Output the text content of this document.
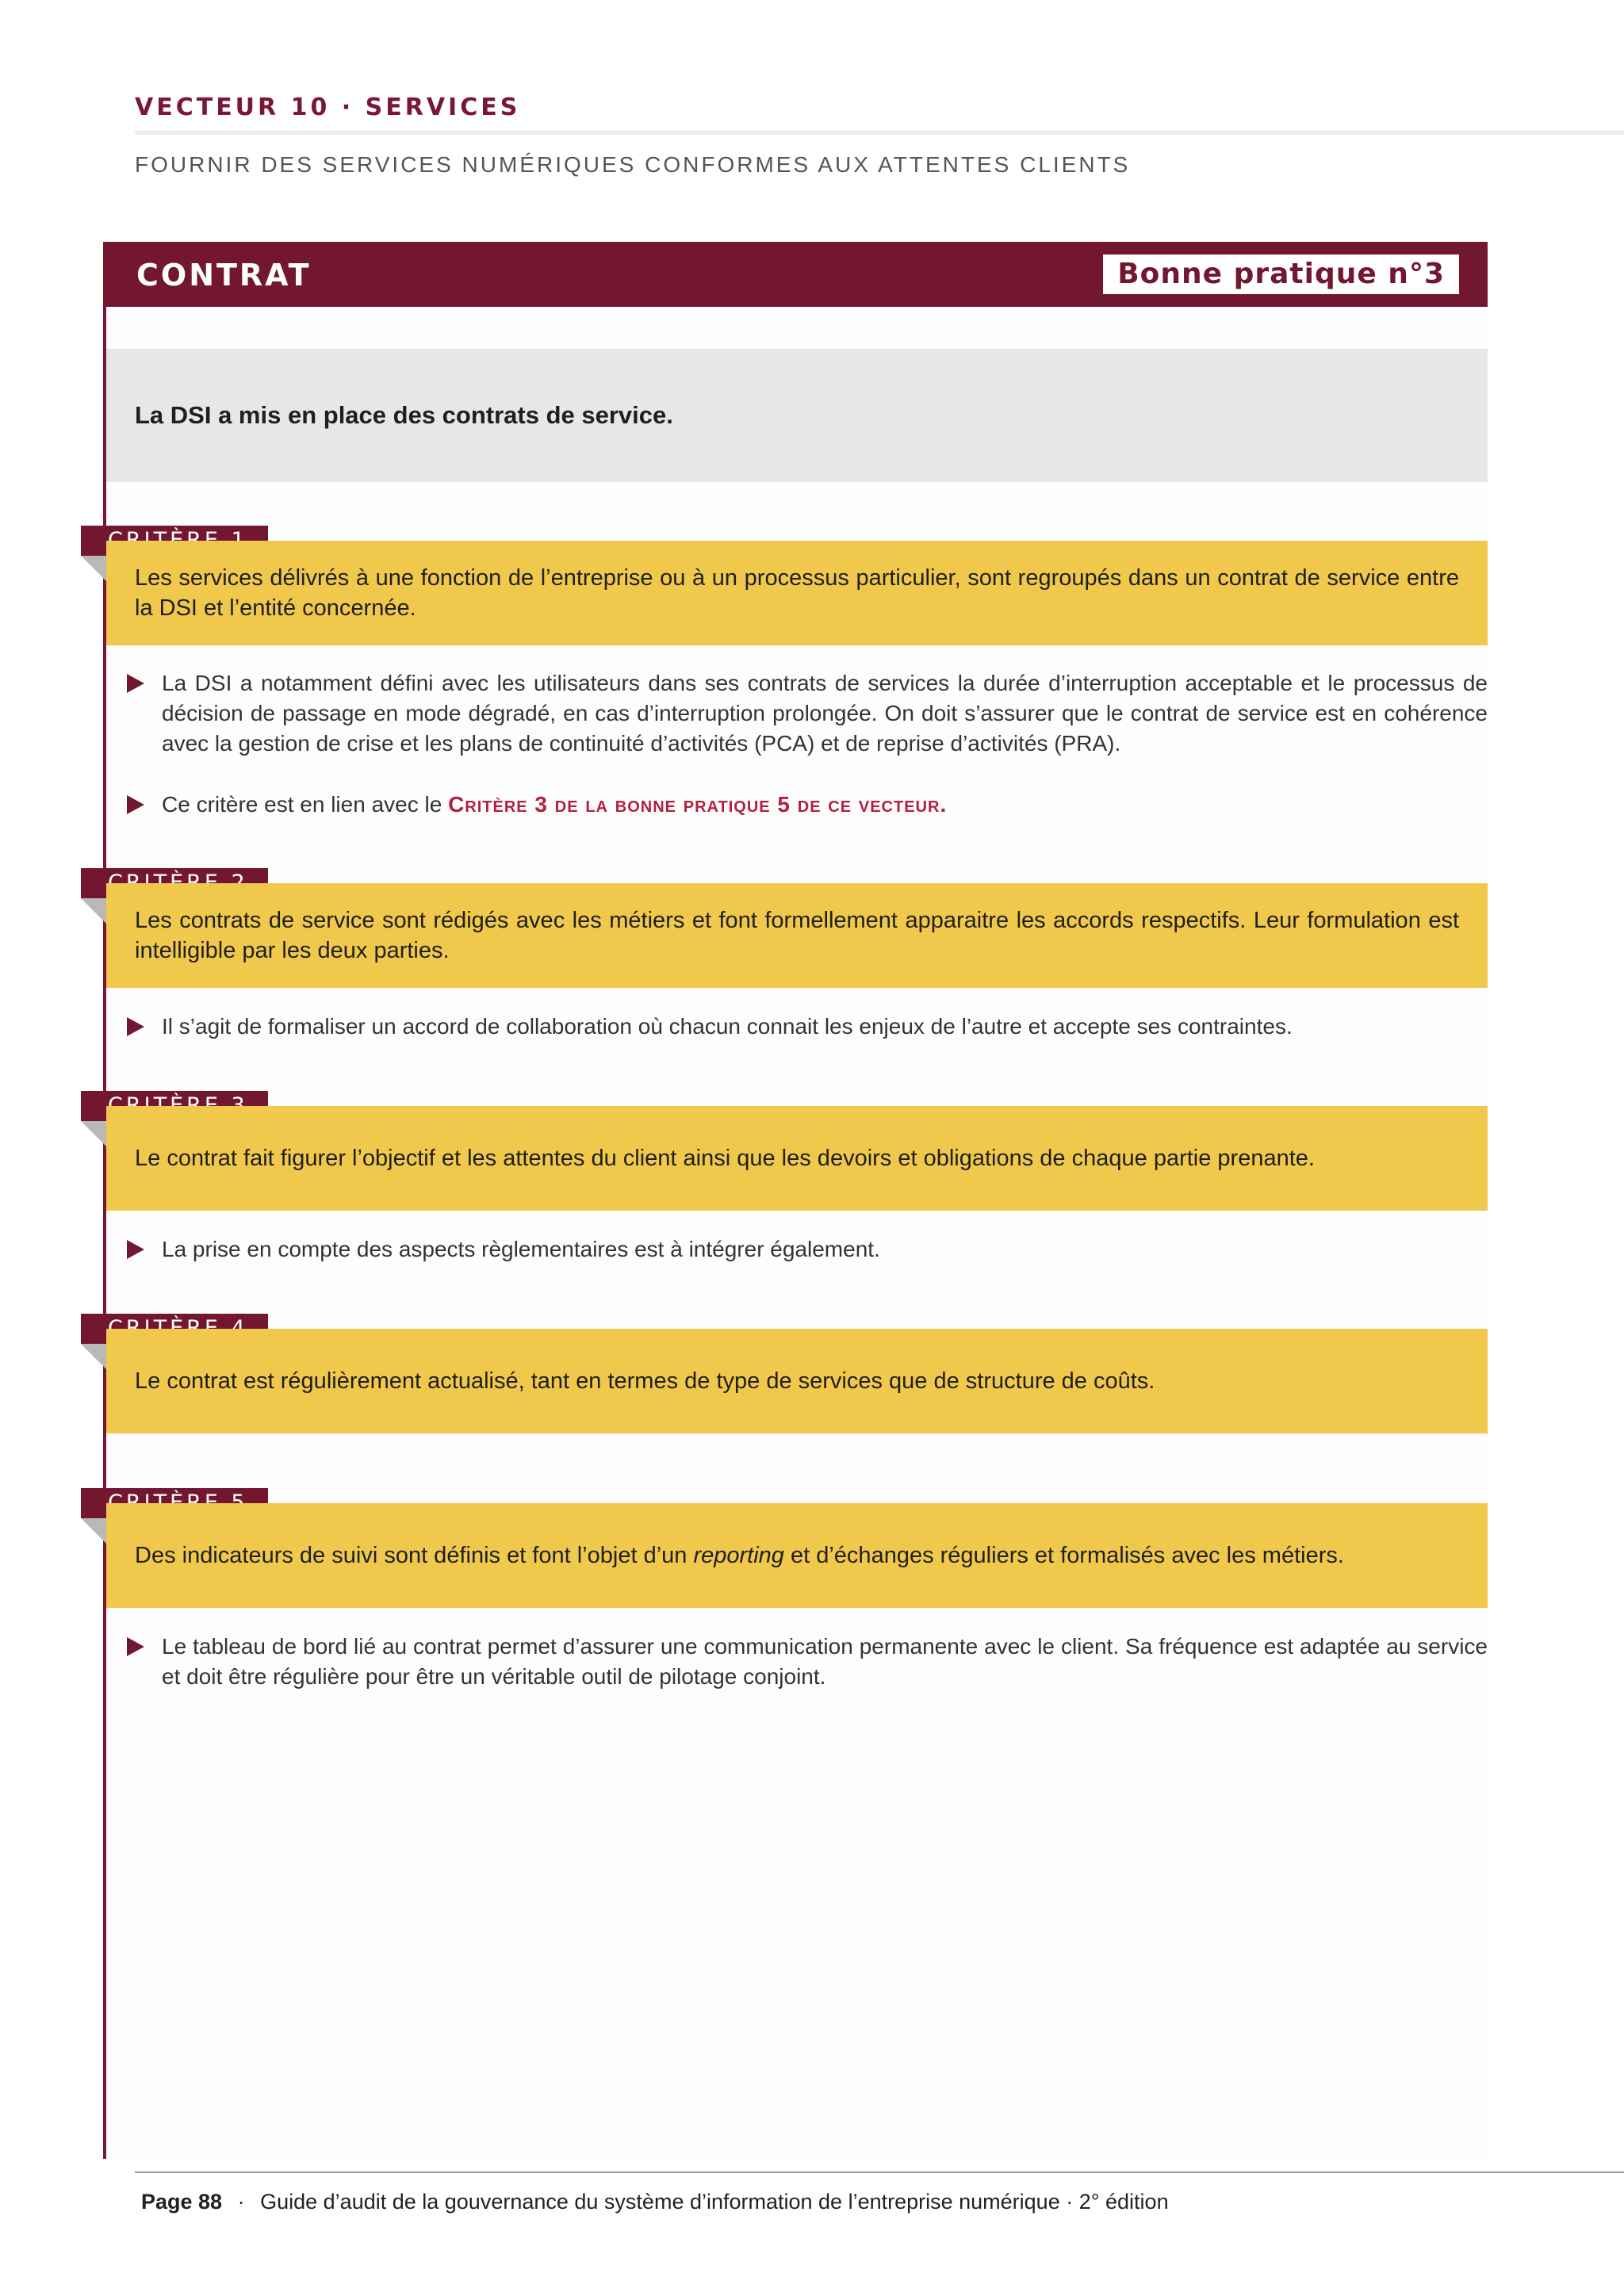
VECTEUR 10 · SERVICES
FOURNIR DES SERVICES NUMÉRIQUES CONFORMES AUX ATTENTES CLIENTS
CONTRAT	Bonne pratique n°3
La DSI a mis en place des contrats de service.
Les services délivrés à une fonction de l’entreprise ou à un processus particulier, sont regroupés dans un contrat de service entre la DSI et l’entité concernée.
La DSI a notamment défini avec les utilisateurs dans ses contrats de services la durée d’interruption acceptable et le processus de décision de passage en mode dégradé, en cas d’interruption prolongée. On doit s’assurer que le contrat de service est en cohérence avec la gestion de crise et les plans de continuité d’activités (PCA) et de reprise d’activités (PRA).
Ce critère est en lien avec le Critère 3 de la bonne pratique 5 de ce vecteur.
Les contrats de service sont rédigés avec les métiers et font formellement apparaitre les accords respectifs. Leur formulation est intelligible par les deux parties.
Il s’agit de formaliser un accord de collaboration où chacun connait les enjeux de l’autre et accepte ses contraintes.
Le contrat fait figurer l’objectif et les attentes du client ainsi que les devoirs et obligations de chaque partie prenante.
La prise en compte des aspects règlementaires est à intégrer également.
Le contrat est régulièrement actualisé, tant en termes de type de services que de structure de coûts.
Des indicateurs de suivi sont définis et font l’objet d’un reporting et d’échanges réguliers et formalisés avec les métiers.
Le tableau de bord lié au contrat permet d’assurer une communication permanente avec le client. Sa fréquence est adaptée au service et doit être régulière pour être un véritable outil de pilotage conjoint.
Page 88 · Guide d’audit de la gouvernance du système d’information de l’entreprise numérique · 2° édition
